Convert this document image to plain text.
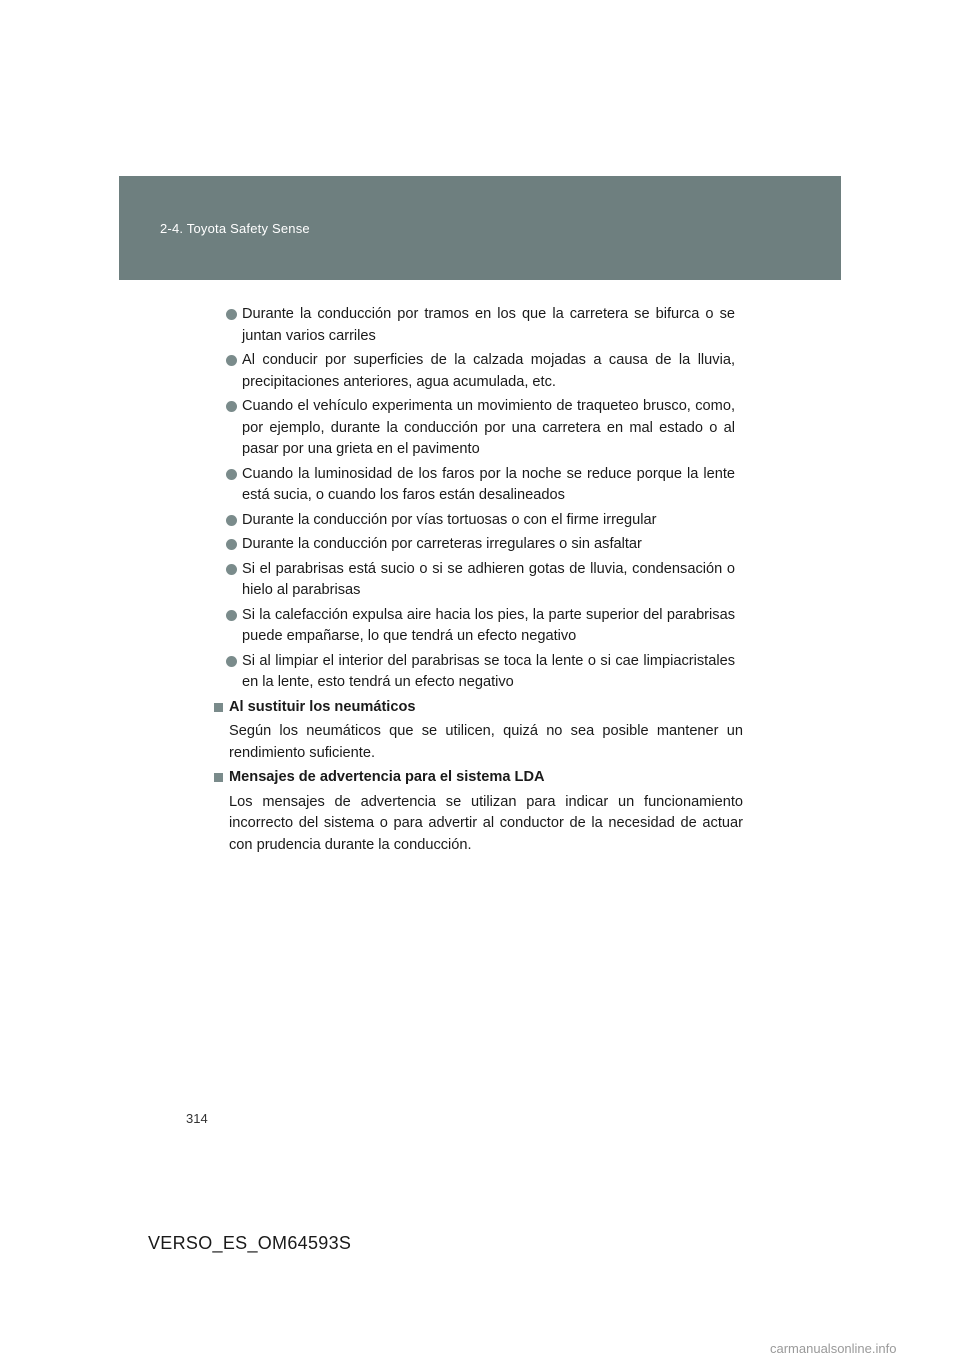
2-4. Toyota Safety Sense
Durante la conducción por tramos en los que la carretera se bifurca o se juntan varios carriles
Al conducir por superficies de la calzada mojadas a causa de la lluvia, precipitaciones anteriores, agua acumulada, etc.
Cuando el vehículo experimenta un movimiento de traqueteo brusco, como, por ejemplo, durante la conducción por una carretera en mal estado o al pasar por una grieta en el pavimento
Cuando la luminosidad de los faros por la noche se reduce porque la lente está sucia, o cuando los faros están desalineados
Durante la conducción por vías tortuosas o con el firme irregular
Durante la conducción por carreteras irregulares o sin asfaltar
Si el parabrisas está sucio o si se adhieren gotas de lluvia, condensación o hielo al parabrisas
Si la calefacción expulsa aire hacia los pies, la parte superior del parabrisas puede empañarse, lo que tendrá un efecto negativo
Si al limpiar el interior del parabrisas se toca la lente o si cae limpiacristales en la lente, esto tendrá un efecto negativo
Al sustituir los neumáticos
Según los neumáticos que se utilicen, quizá no sea posible mantener un rendimiento suficiente.
Mensajes de advertencia para el sistema LDA
Los mensajes de advertencia se utilizan para indicar un funcionamiento incorrecto del sistema o para advertir al conductor de la necesidad de actuar con prudencia durante la conducción.
314
VERSO_ES_OM64593S
carmanualsonline.info
